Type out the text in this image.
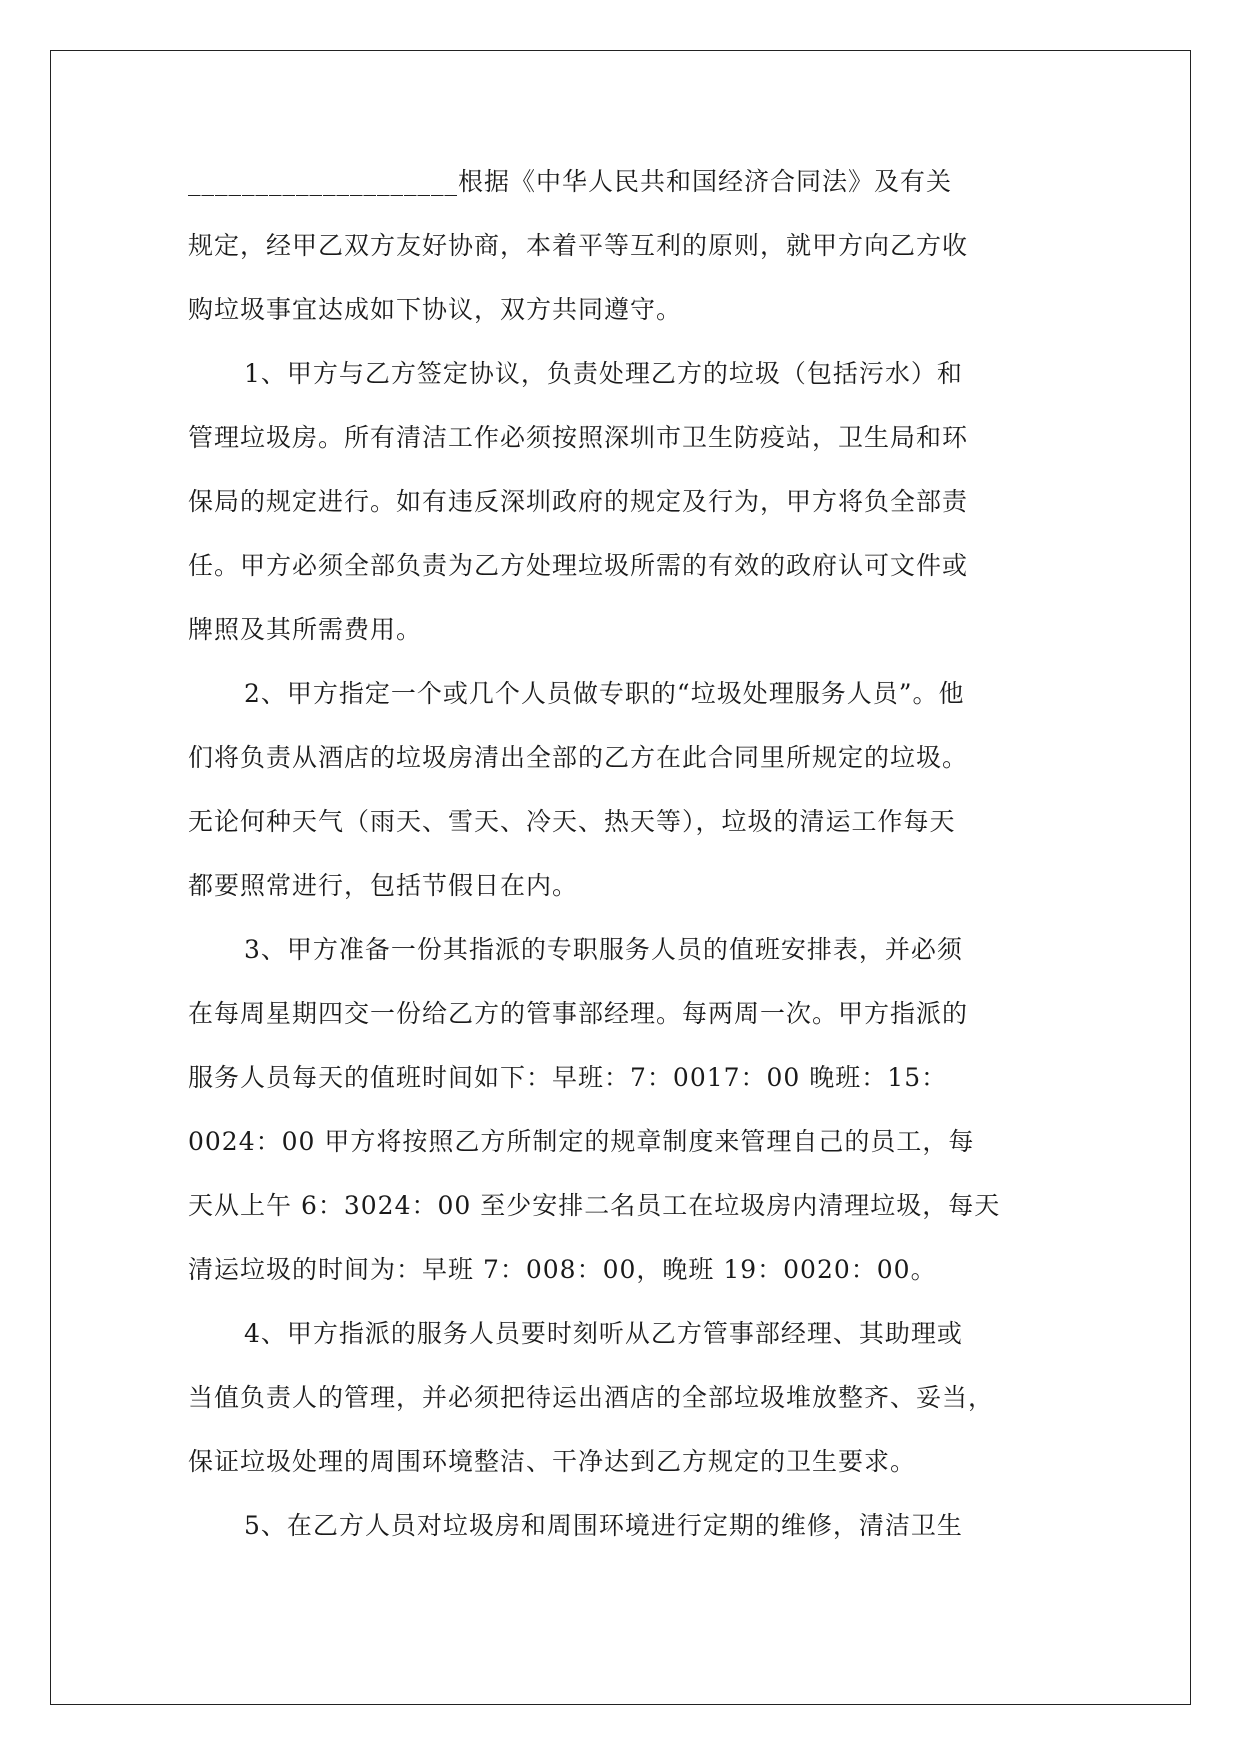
____________________根据《中华人民共和国经济合同法》及有关
规定，经甲乙双方友好协商，本着平等互利的原则，就甲方向乙方收
购垃圾事宜达成如下协议，双方共同遵守。
1、甲方与乙方签定协议，负责处理乙方的垃圾（包括污水）和
管理垃圾房。所有清洁工作必须按照深圳市卫生防疫站，卫生局和环
保局的规定进行。如有违反深圳政府的规定及行为，甲方将负全部责
任。甲方必须全部负责为乙方处理垃圾所需的有效的政府认可文件或
牌照及其所需费用。
2、甲方指定一个或几个人员做专职的“垃圾处理服务人员”。他
们将负责从酒店的垃圾房清出全部的乙方在此合同里所规定的垃圾。
无论何种天气（雨天、雪天、冷天、热天等），垃圾的清运工作每天
都要照常进行，包括节假日在内。
3、甲方准备一份其指派的专职服务人员的值班安排表，并必须
在每周星期四交一份给乙方的管事部经理。每两周一次。甲方指派的
服务人员每天的值班时间如下：早班：7：0017：00 晚班：15：
0024：00 甲方将按照乙方所制定的规章制度来管理自己的员工，每
天从上午 6：3024：00 至少安排二名员工在垃圾房内清理垃圾，每天
清运垃圾的时间为：早班 7：008：00，晚班 19：0020：00。
4、甲方指派的服务人员要时刻听从乙方管事部经理、其助理或
当值负责人的管理，并必须把待运出酒店的全部垃圾堆放整齐、妥当，
保证垃圾处理的周围环境整洁、干净达到乙方规定的卫生要求。
5、在乙方人员对垃圾房和周围环境进行定期的维修，清洁卫生
